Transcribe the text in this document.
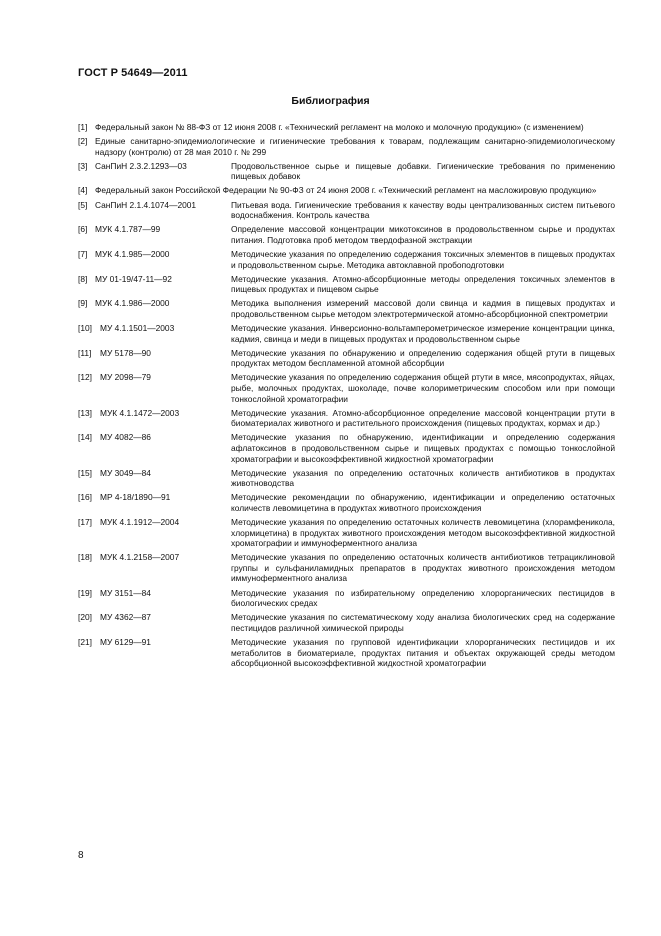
ГОСТ Р 54649—2011
Библиография
[1] Федеральный закон № 88-ФЗ от 12 июня 2008 г. «Технический регламент на молоко и молочную продукцию» (с изменением)
[2] Единые санитарно-эпидемиологические и гигиенические требования к товарам, подлежащим санитарно-эпидемиологическому надзору (контролю) от 28 мая 2010 г. № 299
[3] СанПиН 2.3.2.1293—03	Продовольственное сырье и пищевые добавки. Гигиенические требования по применению пищевых добавок
[4] Федеральный закон Российской Федерации № 90-ФЗ от 24 июня 2008 г. «Технический регламент на масложировую продукцию»
[5] СанПиН 2.1.4.1074—2001	Питьевая вода. Гигиенические требования к качеству воды централизованных систем питьевого водоснабжения. Контроль качества
[6] МУК 4.1.787—99	Определение массовой концентрации микотоксинов в продовольственном сырье и продуктах питания. Подготовка проб методом твердофазной экстракции
[7] МУК 4.1.985—2000	Методические указания по определению содержания токсичных элементов в пищевых продуктах и продовольственном сырье. Методика автоклавной пробоподготовки
[8] МУ 01-19/47-11—92	Методические указания. Атомно-абсорбционные методы определения токсичных элементов в пищевых продуктах и пищевом сырье
[9] МУК 4.1.986—2000	Методика выполнения измерений массовой доли свинца и кадмия в пищевых продуктах и продовольственном сырье методом электротермической атомно-абсорбционной спектрометрии
[10] МУ 4.1.1501—2003	Методические указания. Инверсионно-вольтамперометрическое измерение концентрации цинка, кадмия, свинца и меди в пищевых продуктах и продовольственном сырье
[11]	МУ 5178—90	Методические указания по обнаружению и определению содержания общей ртути в пищевых продуктах методом беспламенной атомной абсорбции
[12] МУ 2098—79	Методические указания по определению содержания общей ртути в мясе, мясопродуктах, яйцах, рыбе, молочных продуктах, шоколаде, почве колориметрическим способом или при помощи тонкослойной хроматографии
[13] МУК 4.1.1472—2003	Методические указания. Атомно-абсорбционное определение массовой концентрации ртути в биоматериалах животного и растительного происхождения (пищевых продуктах, кормах и др.)
[14] МУ 4082—86	Методические указания по обнаружению, идентификации и определению содержания афлатоксинов в продовольственном сырье и пищевых продуктах с помощью тонкослойной хроматографии и высокоэффективной жидкостной хроматографии
[15] МУ 3049—84	Методические указания по определению остаточных количеств антибиотиков в продуктах животноводства
[16] МР 4-18/1890—91	Методические рекомендации по обнаружению, идентификации и определению остаточных количеств левомицетина в продуктах животного происхождения
[17] МУК 4.1.1912—2004	Методические указания по определению остаточных количеств левомицетина (хлорамфеникола, хлормицетина) в продуктах животного происхождения методом высокоэффективной жидкостной хроматографии и иммуноферментного анализа
[18] МУК 4.1.2158—2007	Методические указания по определению остаточных количеств антибиотиков тетрациклиновой группы и сульфаниламидных препаратов в продуктах животного происхождения методом иммуноферментного анализа
[19] МУ 3151—84	Методические указания по избирательному определению хлорорганических пестицидов в биологических средах
[20] МУ 4362—87	Методические указания по систематическому ходу анализа биологических сред на содержание пестицидов различной химической природы
[21] МУ 6129—91	Методические указания по групповой идентификации хлорорганических пестицидов и их метаболитов в биоматериале, продуктах питания и объектах окружающей среды методом абсорбционной высокоэффективной жидкостной хроматографии
8
